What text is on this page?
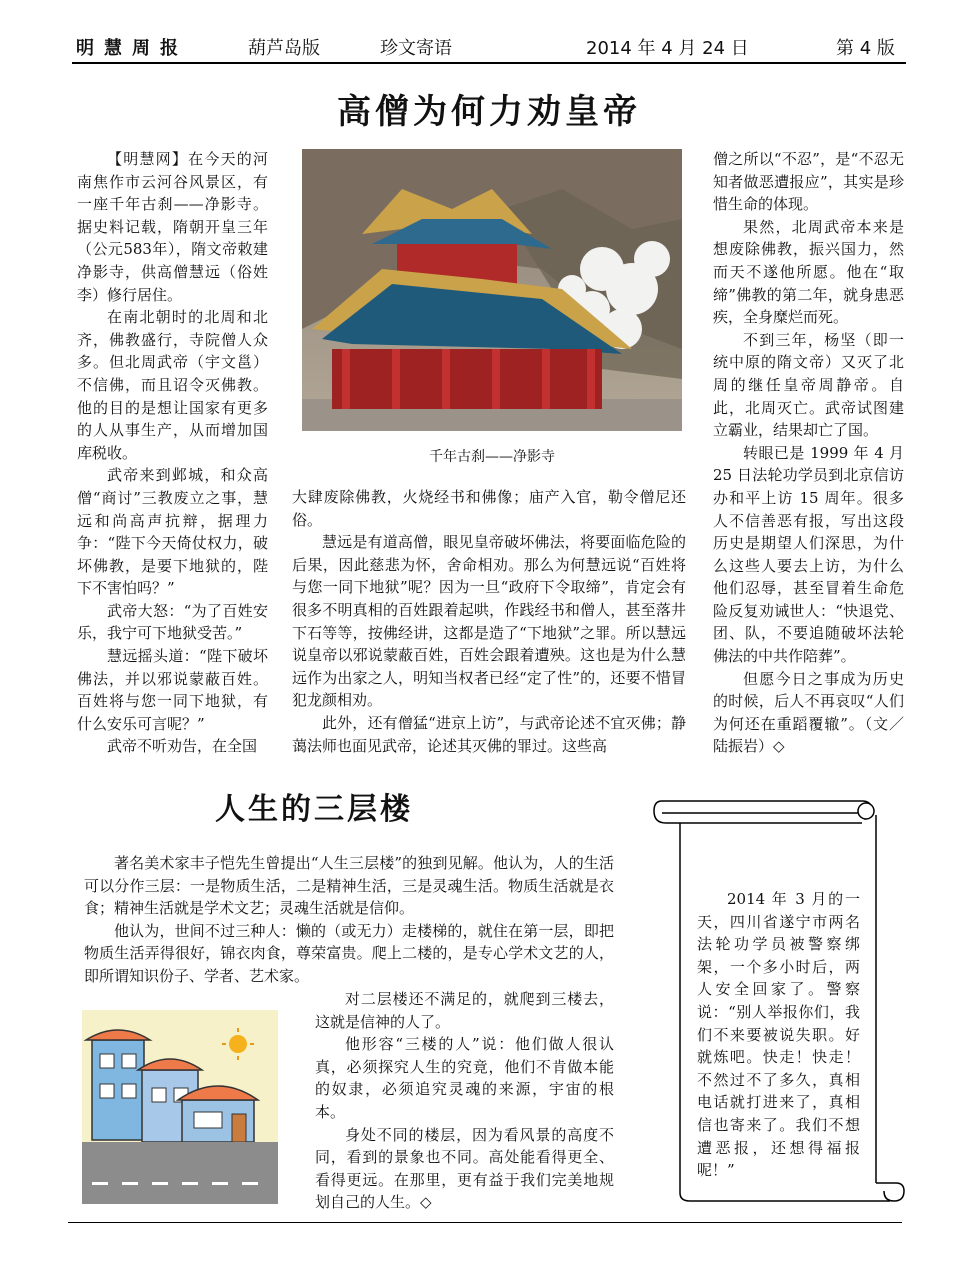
明慧周报	葫芦岛版	珍文寄语	2014 年 4 月 24 日	第 4 版
高僧为何力劝皇帝

【明慧网】在今天的河南焦作市云河谷风景区，有一座千年古刹——净影寺。据史料记载，隋朝开皇三年（公元583年），隋文帝敕建净影寺，供高僧慧远（俗姓李）修行居住。

在南北朝时的北周和北齐，佛教盛行，寺院僧人众多。但北周武帝（宇文邕）不信佛，而且诏令灭佛教。他的目的是想让国家有更多的人从事生产，从而增加国库税收。

武帝来到邺城，和众高僧“商讨”三教废立之事，慧远和尚高声抗辩，据理力争：“陛下今天倚仗权力，破坏佛教，是要下地狱的，陛下不害怕吗？”

武帝大怒：“为了百姓安乐，我宁可下地狱受苦。”

慧远摇头道：“陛下破坏佛法，并以邪说蒙蔽百姓。百姓将与您一同下地狱，有什么安乐可言呢？”

武帝不听劝告，在全国

千年古刹——净影寺

大肆废除佛教，火烧经书和佛像；庙产入官，勒令僧尼还俗。

慧远是有道高僧，眼见皇帝破坏佛法，将要面临危险的后果，因此慈悲为怀，舍命相劝。那么为何慧远说“百姓将与您一同下地狱”呢？因为一旦“政府下令取缔”，肯定会有很多不明真相的百姓跟着起哄，作践经书和僧人，甚至落井下石等等，按佛经讲，这都是造了“下地狱”之罪。所以慧远说皇帝以邪说蒙蔽百姓，百姓会跟着遭殃。这也是为什么慧远作为出家之人，明知当权者已经“定了性”的，还要不惜冒犯龙颜相劝。

此外，还有僧猛“进京上访”，与武帝论述不宜灭佛；静蔼法师也面见武帝，论述其灭佛的罪过。这些高

僧之所以“不忍”，是“不忍无知者做恶遭报应”，其实是珍惜生命的体现。

果然，北周武帝本来是想废除佛教，振兴国力，然而天不遂他所愿。他在“取缔”佛教的第二年，就身患恶疾，全身糜烂而死。

不到三年，杨坚（即一统中原的隋文帝）又灭了北周的继任皇帝周静帝。自此，北周灭亡。武帝试图建立霸业，结果却亡了国。

转眼已是 1999 年 4 月 25 日法轮功学员到北京信访办和平上访 15 周年。很多人不信善恶有报，写出这段历史是期望人们深思，为什么这些人要去上访，为什么他们忍辱，甚至冒着生命危险反复劝诫世人：“快退党、团、队，不要追随破坏法轮佛法的中共作陪葬”。

但愿今日之事成为历史的时候，后人不再哀叹“人们为何还在重蹈覆辙”。（文／陆振岩）◇

人生的三层楼

著名美术家丰子恺先生曾提出“人生三层楼”的独到见解。他认为，人的生活可以分作三层：一是物质生活，二是精神生活，三是灵魂生活。物质生活就是衣食；精神生活就是学术文艺；灵魂生活就是信仰。

他认为，世间不过三种人：懒的（或无力）走楼梯的，就住在第一层，即把物质生活弄得很好，锦衣肉食，尊荣富贵。爬上二楼的，是专心学术文艺的人，即所谓知识份子、学者、艺术家。

对二层楼还不满足的，就爬到三楼去，这就是信神的人了。

他形容“三楼的人”说：他们做人很认真，必须探究人生的究竟，他们不肯做本能的奴隶，必须追究灵魂的来源，宇宙的根本。

身处不同的楼层，因为看风景的高度不同，看到的景象也不同。高处能看得更全、看得更远。在那里，更有益于我们完美地规划自己的人生。◇

2014 年 3 月的一天，四川省遂宁市两名法轮功学员被警察绑架，一个多小时后，两人安全回家了。警察说：“别人举报你们，我们不来要被说失职。好就炼吧。快走！快走！不然过不了多久，真相电话就打进来了，真相信也寄来了。我们不想遭恶报，还想得福报呢！”
